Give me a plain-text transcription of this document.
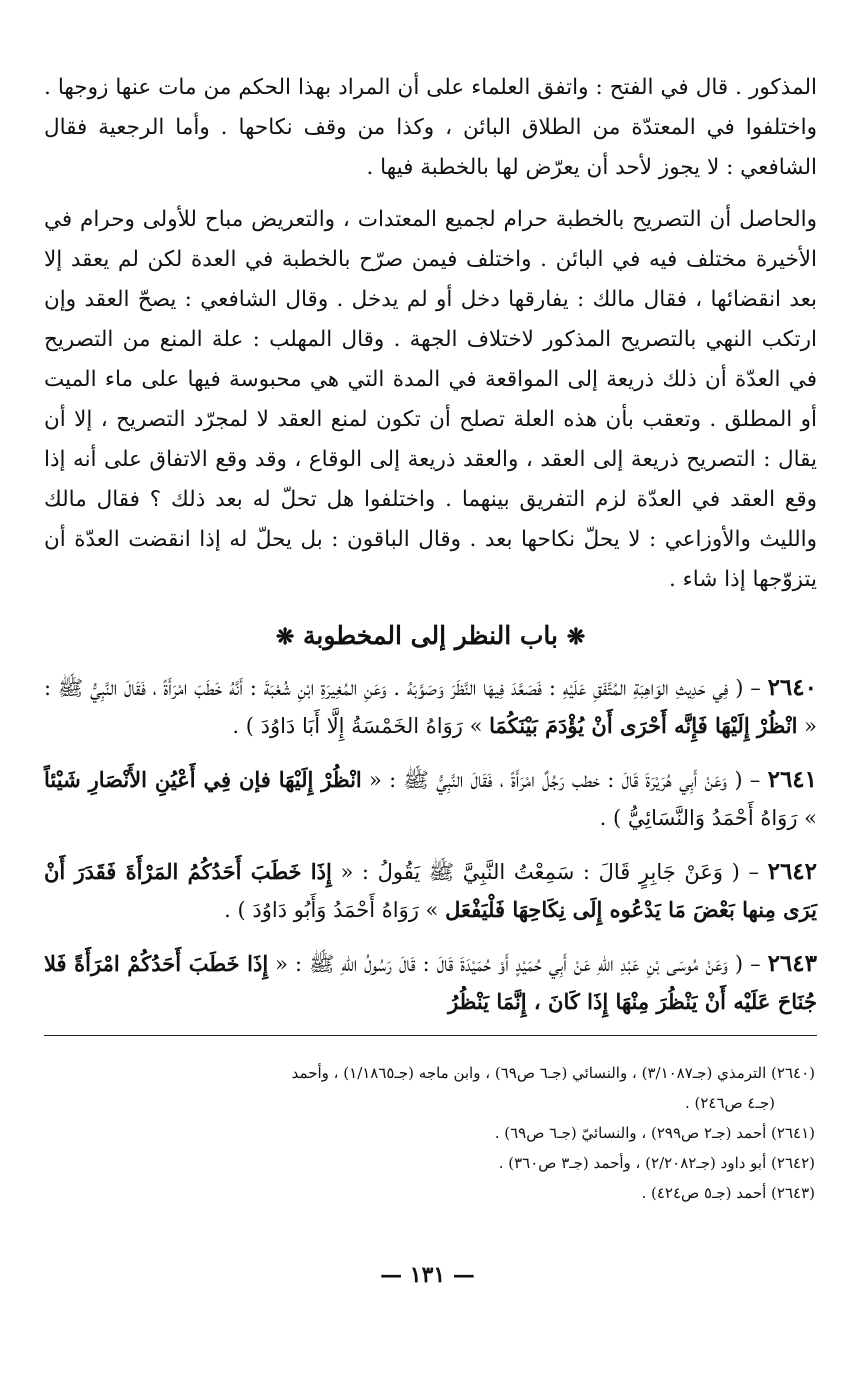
المذكور . قال في الفتح : واتفق العلماء على أن المراد بهذا الحكم من مات عنها زوجها . واختلفوا في المعتدّة من الطلاق البائن ، وكذا من وقف نكاحها . وأما الرجعية فقال الشافعي : لا يجوز لأحد أن يعرّض لها بالخطبة فيها .

والحاصل أن التصريح بالخطبة حرام لجميع المعتدات ، والتعريض مباح للأولى وحرام في الأخيرة مختلف فيه في البائن . واختلف فيمن صرّح بالخطبة في العدة لكن لم يعقد إلا بعد انقضائها ، فقال مالك : يفارقها دخل أو لم يدخل . وقال الشافعي : يصحّ العقد وإن ارتكب النهي بالتصريح المذكور لاختلاف الجهة . وقال المهلب : علة المنع من التصريح في العدّة أن ذلك ذريعة إلى المواقعة في المدة التي هي محبوسة فيها على ماء الميت أو المطلق . وتعقب بأن هذه العلة تصلح أن تكون لمنع العقد لا لمجرّد التصريح ، إلا أن يقال : التصريح ذريعة إلى العقد ، والعقد ذريعة إلى الوقاع ، وقد وقع الاتفاق على أنه إذا وقع العقد في العدّة لزم التفريق بينهما . واختلفوا هل تحلّ له بعد ذلك ؟ فقال مالك والليث والأوزاعي : لا يحلّ نكاحها بعد . وقال الباقون : بل يحلّ له إذا انقضت العدّة أن يتزوّجها إذا شاء .

❋ باب النظر إلى المخطوبة ❋

٢٦٤٠ – ( فِي حَدِيثِ الوَاهِبَةِ المُتَّفَقِ عَلَيْهِ : فَصَعَّدَ فِيهَا النَّظَرَ وَصَوَّبَهُ . وَعَنِ المُغِيرَةِ ابْنِ شُعْبَةَ : أَنَّهُ خَطَبَ امْرَأَةً ، فَقَالَ النَّبِيُّ ﷺ : « انْظُرْ إِلَيْهَا فَإِنَّه أَحْرَى أَنْ يُؤْدَمَ بَيْنَكُمَا » رَوَاهُ الخَمْسَةُ إِلَّا أَبَا دَاوُدَ ) .

٢٦٤١ – ( وَعَنْ أَبِي هُرَيْرَةَ قَالَ : خطب رَجُلٌ امْرَأَةً ، فَقَالَ النَّبِيُّ ﷺ : « انْظُرْ إِلَيْهَا فإن فِي أَعْيُنِ الأَنْصَارِ شَيْئاً » رَوَاهُ أَحْمَدُ وَالنَّسَائِيُّ ) .

٢٦٤٢ – ( وَعَنْ جَابِرٍ قَالَ : سَمِعْتُ النَّبِيَّ ﷺ يَقُولُ : « إِذَا خَطَبَ أَحَدُكُمُ المَرْأَةَ فَقَدَرَ أَنْ يَرَى مِنها بَعْضَ مَا يَدْعُوه إِلَى نِكَاحِهَا فَلْيَفْعَل » رَوَاهُ أَحْمَدُ وَأَبُو دَاوُدَ ) .

٢٦٤٣ – ( وَعَنْ مُوسَى بْنِ عَبْدِ اللهِ عَنْ أَبِي حُمَيْدٍ أَوْ حُمَيْدَةَ قَالَ : قَالَ رَسُولُ اللهِ ﷺ : « إِذَا خَطَبَ أَحَدُكُمْ امْرَأَةً فَلا جُنَاحَ عَلَيْه أَنْ يَنْظُرَ مِنْهَا إِذَا كَانَ ، إِنَّمَا يَنْظُرُ

(٢٦٤٠) الترمذي (جـ٣/١٠٨٧) ، والنسائي (جـ٦ ص٦٩) ، وابن ماجه (جـ١/١٨٦٥) ، وأحمد

(جـ٤ ص٢٤٦) .

(٢٦٤١) أحمد (جـ٢ ص٢٩٩) ، والنسائيّ (جـ٦ ص٦٩) .

(٢٦٤٢) أبو داود (جـ٢/٢٠٨٢) ، وأحمد (جـ٣ ص٣٦٠) .

(٢٦٤٣) أحمد (جـ٥ ص٤٢٤) .

— ١٣١ —
